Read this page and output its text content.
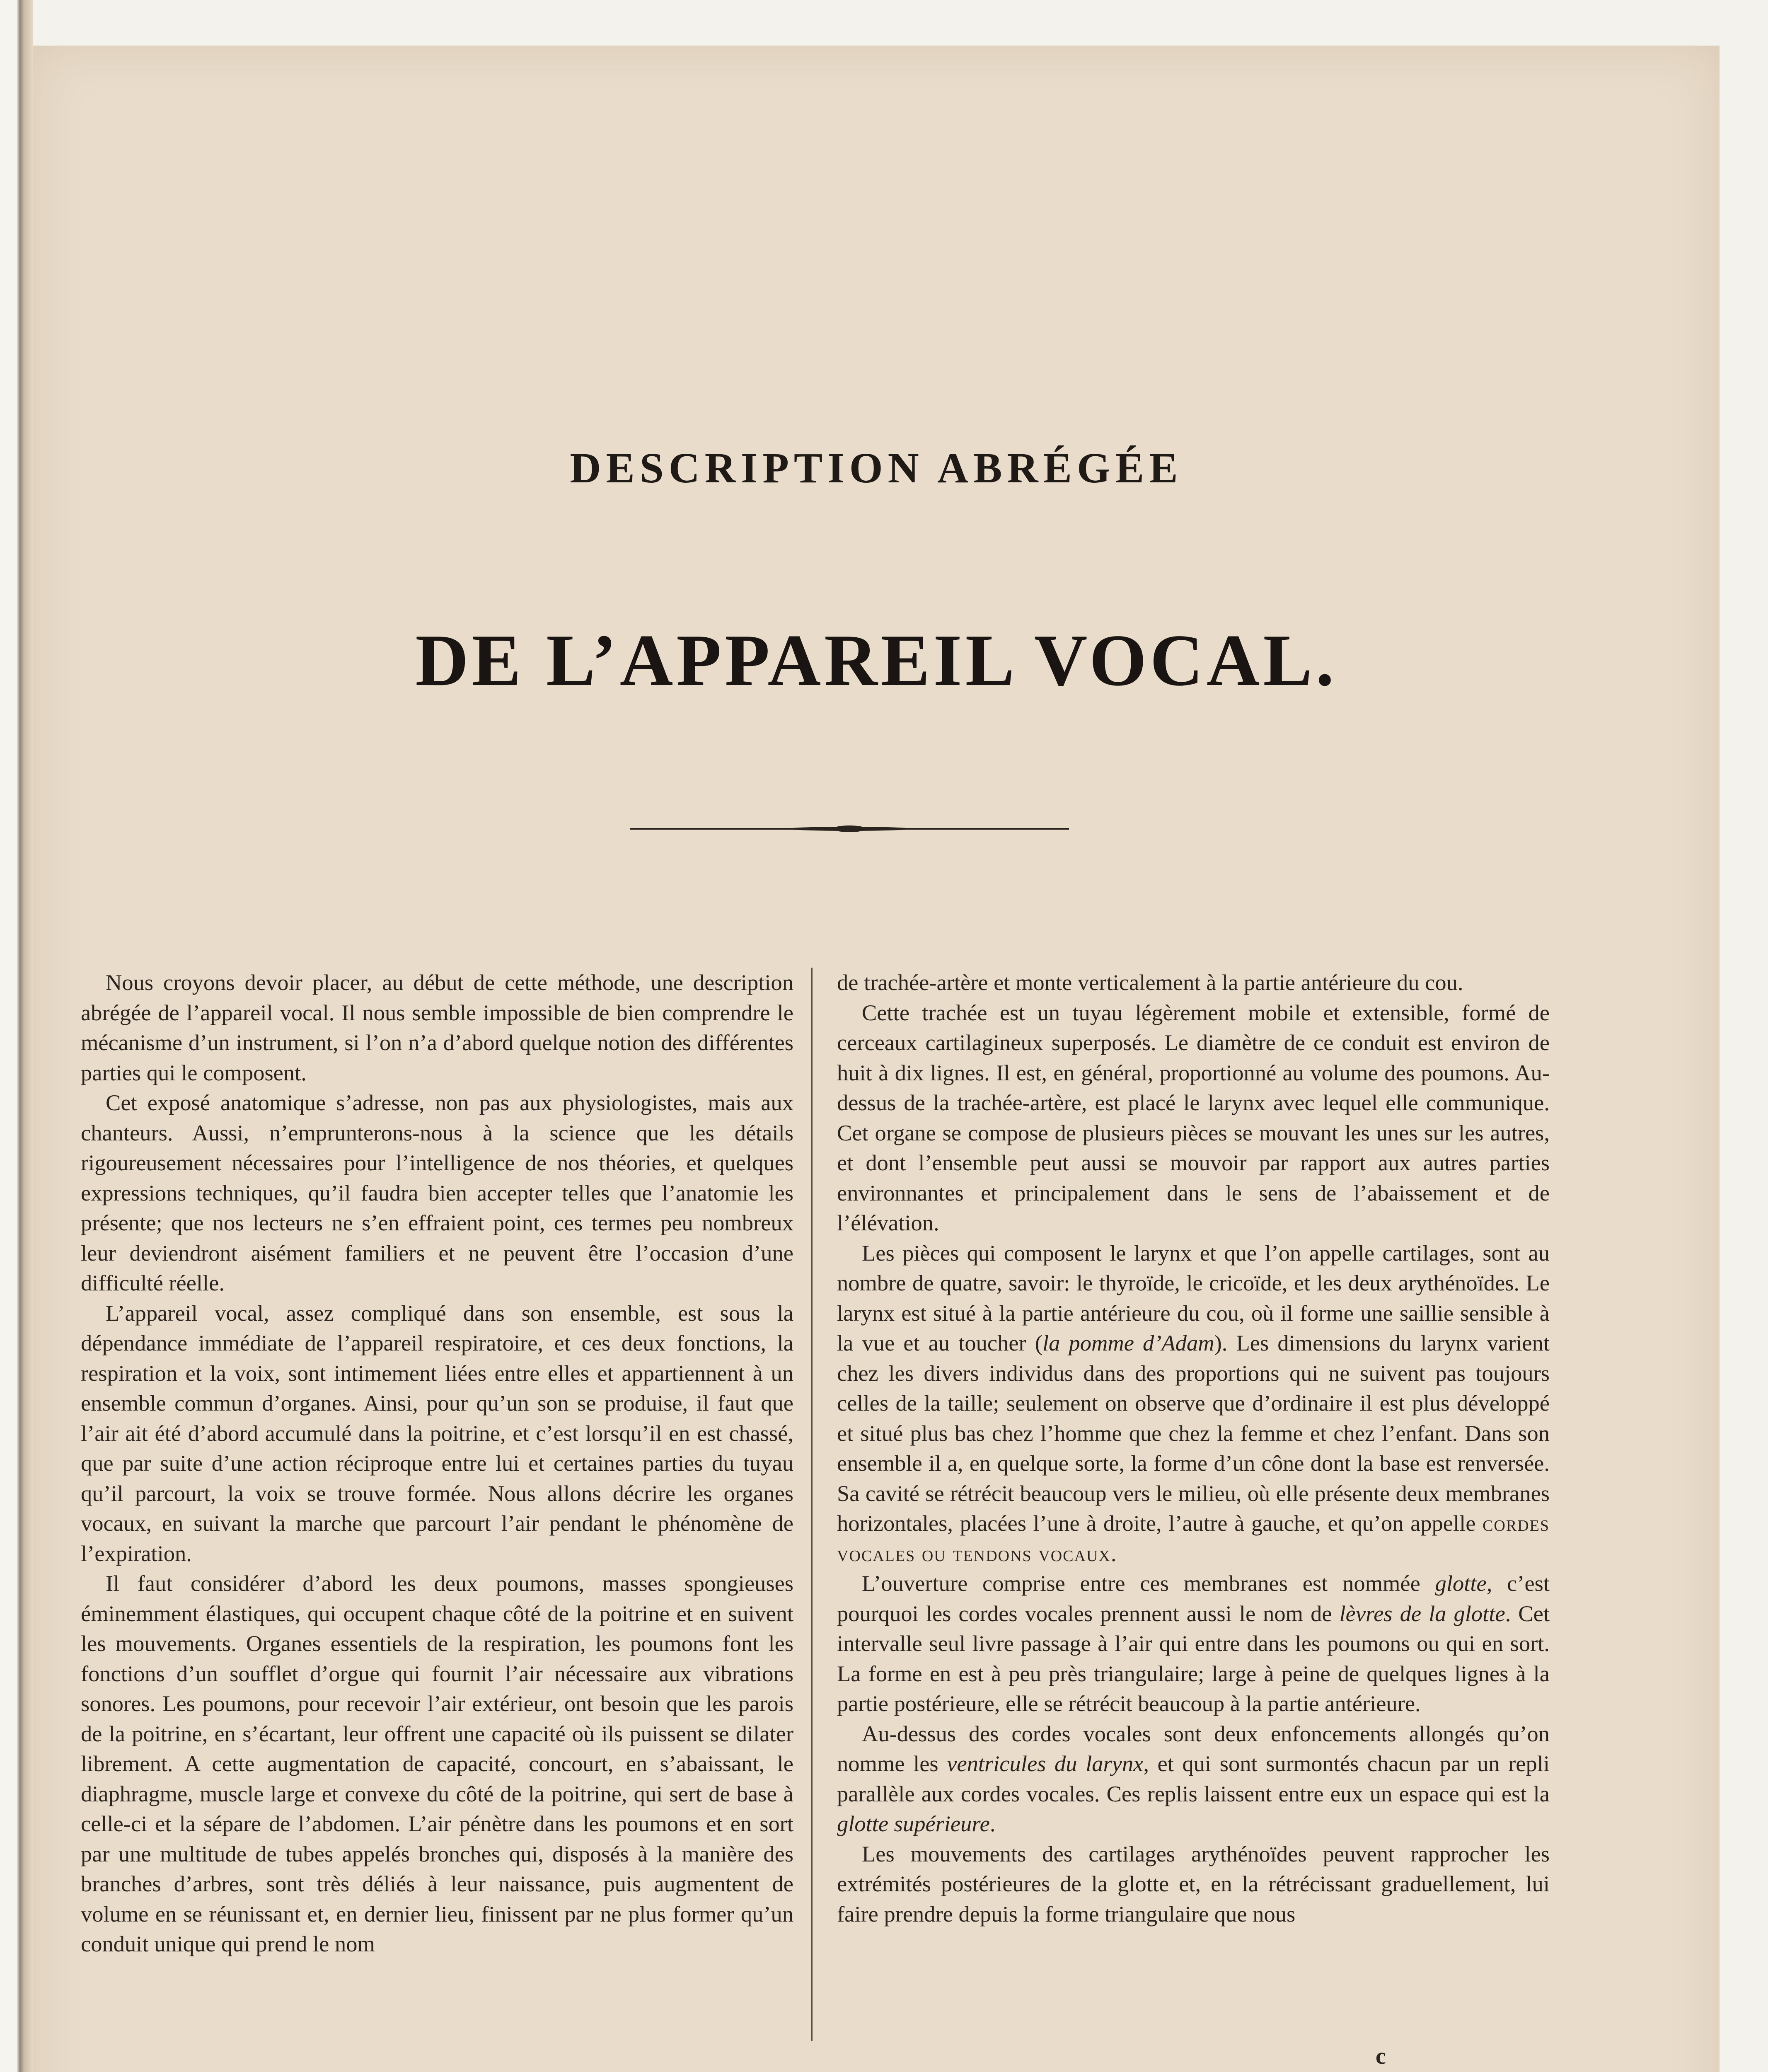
DESCRIPTION ABRÉGÉE
DE L’APPAREIL VOCAL.

Nous croyons devoir placer, au début de cette méthode, une description abrégée de l’appareil vocal. Il nous semble impossible de bien comprendre le mécanisme d’un instrument, si l’on n’a d’abord quelque notion des différentes parties qui le composent.

Cet exposé anatomique s’adresse, non pas aux physiologistes, mais aux chanteurs. Aussi, n’emprunterons-nous à la science que les détails rigoureusement nécessaires pour l’intelligence de nos théories, et quelques expressions techniques, qu’il faudra bien accepter telles que l’anatomie les présente; que nos lecteurs ne s’en effraient point, ces termes peu nombreux leur deviendront aisément familiers et ne peuvent être l’occasion d’une difficulté réelle.

L’appareil vocal, assez compliqué dans son ensemble, est sous la dépendance immédiate de l’appareil respiratoire, et ces deux fonctions, la respiration et la voix, sont intimement liées entre elles et appartiennent à un ensemble commun d’organes. Ainsi, pour qu’un son se produise, il faut que l’air ait été d’abord accumulé dans la poitrine, et c’est lorsqu’il en est chassé, que par suite d’une action réciproque entre lui et certaines parties du tuyau qu’il parcourt, la voix se trouve formée. Nous allons décrire les organes vocaux, en suivant la marche que parcourt l’air pendant le phénomène de l’expiration.

Il faut considérer d’abord les deux poumons, masses spongieuses éminemment élastiques, qui occupent chaque côté de la poitrine et en suivent les mouvements. Organes essentiels de la respiration, les poumons font les fonctions d’un soufflet d’orgue qui fournit l’air nécessaire aux vibrations sonores. Les poumons, pour recevoir l’air extérieur, ont besoin que les parois de la poitrine, en s’écartant, leur offrent une capacité où ils puissent se dilater librement. A cette augmentation de capacité, concourt, en s’abaissant, le diaphragme, muscle large et convexe du côté de la poitrine, qui sert de base à celle-ci et la sépare de l’abdomen. L’air pénètre dans les poumons et en sort par une multitude de tubes appelés bronches qui, disposés à la manière des branches d’arbres, sont très déliés à leur naissance, puis augmentent de volume en se réunissant et, en dernier lieu, finissent par ne plus former qu’un conduit unique qui prend le nom

de trachée-artère et monte verticalement à la partie antérieure du cou.

Cette trachée est un tuyau légèrement mobile et extensible, formé de cerceaux cartilagineux superposés. Le diamètre de ce conduit est environ de huit à dix lignes. Il est, en général, proportionné au volume des poumons. Au-dessus de la trachée-artère, est placé le larynx avec lequel elle communique. Cet organe se compose de plusieurs pièces se mouvant les unes sur les autres, et dont l’ensemble peut aussi se mouvoir par rapport aux autres parties environnantes et principalement dans le sens de l’abaissement et de l’élévation.

Les pièces qui composent le larynx et que l’on appelle cartilages, sont au nombre de quatre, savoir: le thyroïde, le cricoïde, et les deux arythénoïdes. Le larynx est situé à la partie antérieure du cou, où il forme une saillie sensible à la vue et au toucher (la pomme d’Adam). Les dimensions du larynx varient chez les divers individus dans des proportions qui ne suivent pas toujours celles de la taille; seulement on observe que d’ordinaire il est plus développé et situé plus bas chez l’homme que chez la femme et chez l’enfant. Dans son ensemble il a, en quelque sorte, la forme d’un cône dont la base est renversée. Sa cavité se rétrécit beaucoup vers le milieu, où elle présente deux membranes horizontales, placées l’une à droite, l’autre à gauche, et qu’on appelle cordes vocales ou tendons vocaux.

L’ouverture comprise entre ces membranes est nommée glotte, c’est pourquoi les cordes vocales prennent aussi le nom de lèvres de la glotte. Cet intervalle seul livre passage à l’air qui entre dans les poumons ou qui en sort. La forme en est à peu près triangulaire; large à peine de quelques lignes à la partie postérieure, elle se rétrécit beaucoup à la partie antérieure.

Au-dessus des cordes vocales sont deux enfoncements allongés qu’on nomme les ventricules du larynx, et qui sont surmontés chacun par un repli parallèle aux cordes vocales. Ces replis laissent entre eux un espace qui est la glotte supérieure.

Les mouvements des cartilages arythénoïdes peuvent rapprocher les extrémités postérieures de la glotte et, en la rétrécissant graduellement, lui faire prendre depuis la forme triangulaire que nous

c
